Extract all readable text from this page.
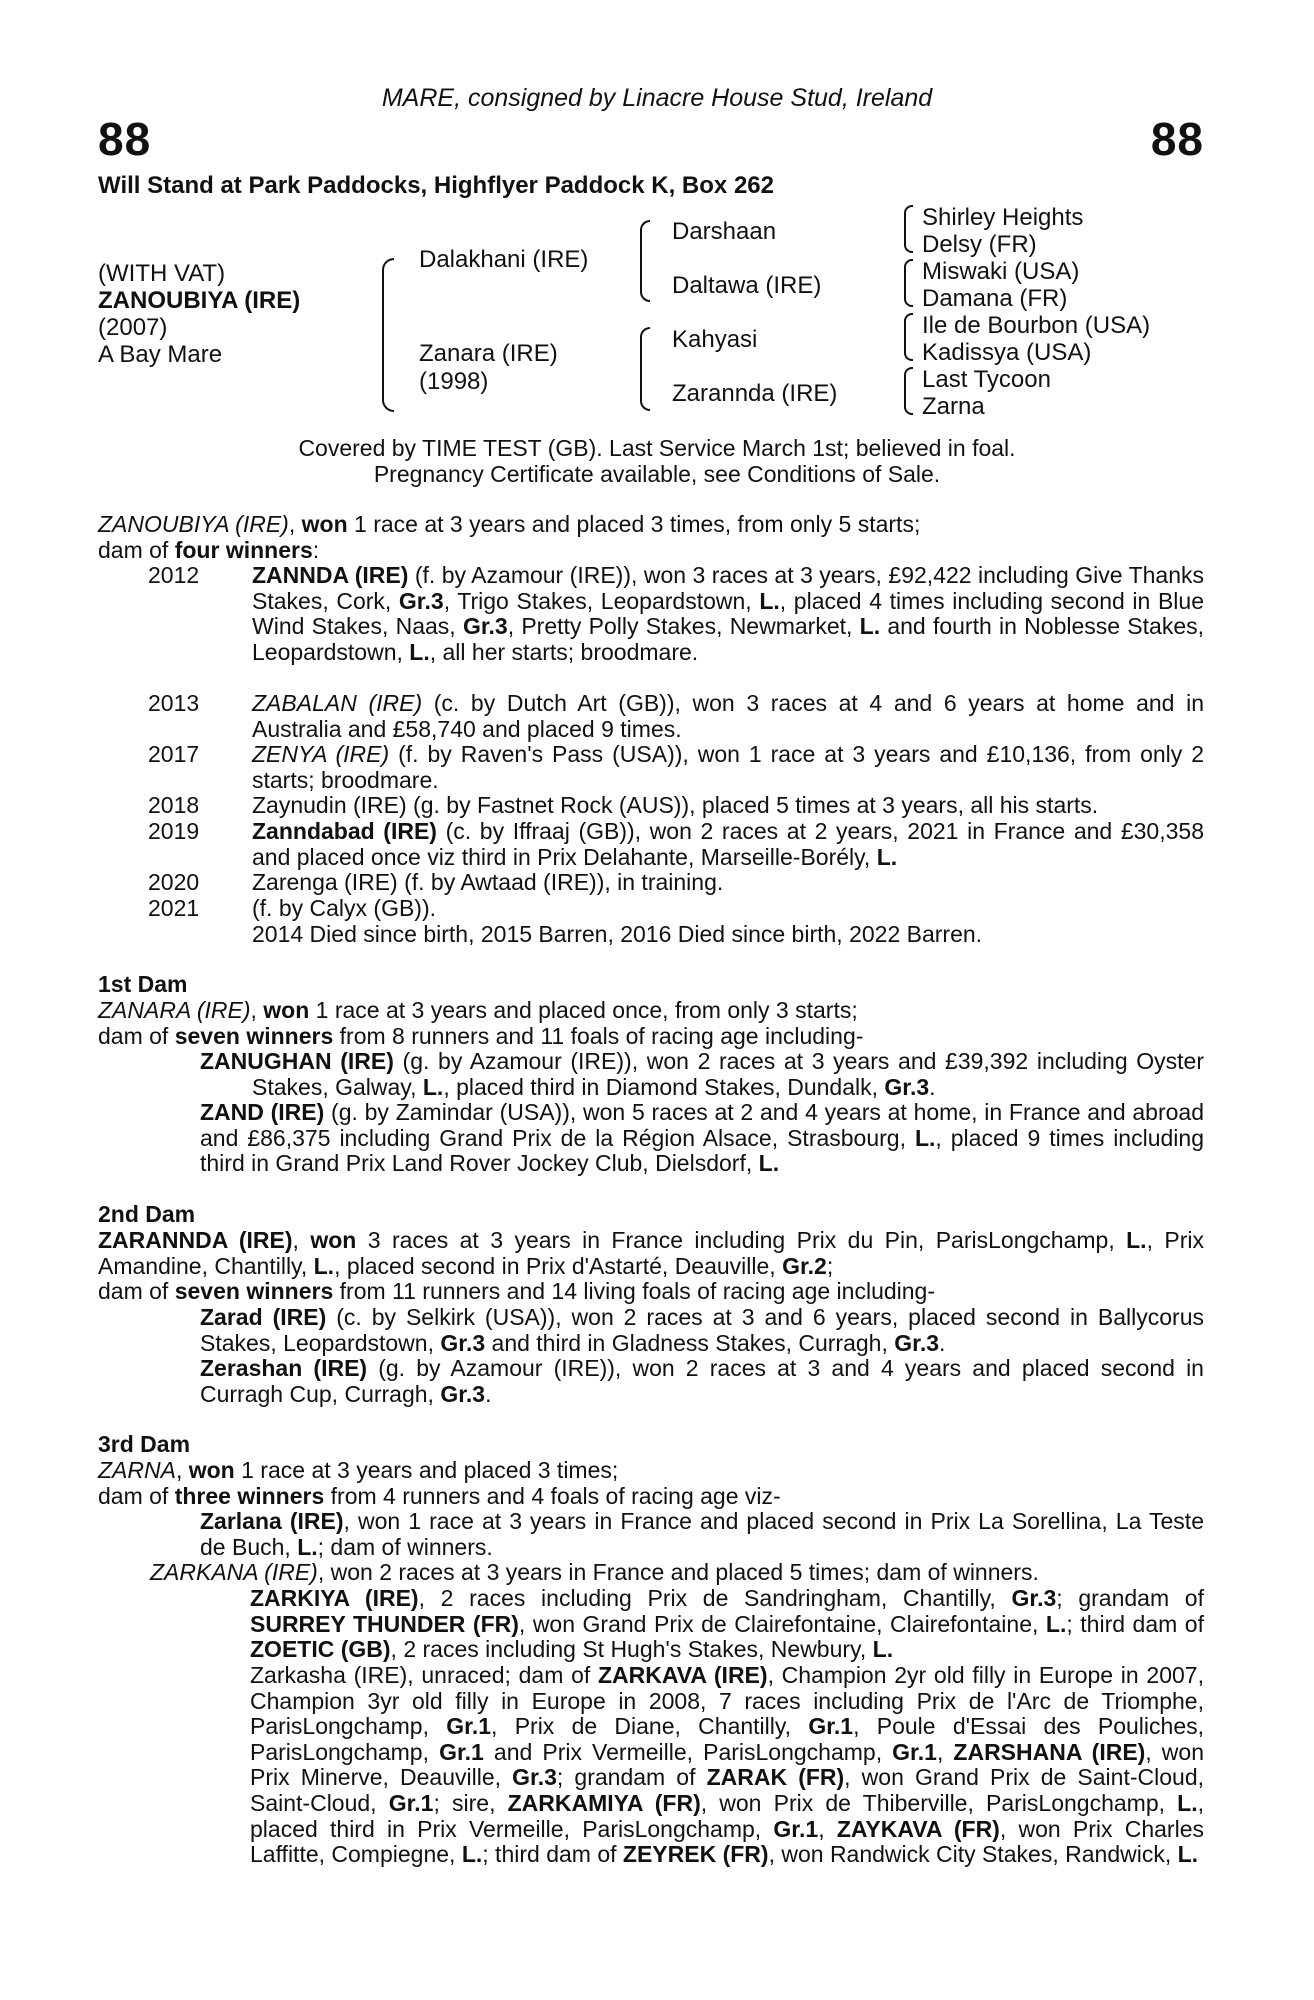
88	88
MARE, consigned by Linacre House Stud, Ireland
Will Stand at Park Paddocks, Highflyer Paddock K, Box 262
(WITH VAT)
ZANOUBIYA (IRE)
(2007)
A Bay Mare
Dalakhani (IRE)
Zanara (IRE)
(1998)
Darshaan
Daltawa (IRE)
Kahyasi
Zarannda (IRE)
Shirley Heights
Delsy (FR)
Miswaki (USA)
Damana (FR)
Ile de Bourbon (USA)
Kadissya (USA)
Last Tycoon
Zarna
Covered by TIME TEST (GB). Last Service March 1st; believed in foal.
Pregnancy Certificate available, see Conditions of Sale.
ZANOUBIYA (IRE), won 1 race at 3 years and placed 3 times, from only 5 starts;
dam of four winners:
2012 ZANNDA (IRE) (f. by Azamour (IRE)), won 3 races at 3 years, £92,422 including Give Thanks Stakes, Cork, Gr.3, Trigo Stakes, Leopardstown, L., placed 4 times including second in Blue Wind Stakes, Naas, Gr.3, Pretty Polly Stakes, Newmarket, L. and fourth in Noblesse Stakes, Leopardstown, L., all her starts; broodmare.
2013 ZABALAN (IRE) (c. by Dutch Art (GB)), won 3 races at 4 and 6 years at home and in Australia and £58,740 and placed 9 times.
2017 ZENYA (IRE) (f. by Raven's Pass (USA)), won 1 race at 3 years and £10,136, from only 2 starts; broodmare.
2018 Zaynudin (IRE) (g. by Fastnet Rock (AUS)), placed 5 times at 3 years, all his starts.
2019 Zanndabad (IRE) (c. by Iffraaj (GB)), won 2 races at 2 years, 2021 in France and £30,358 and placed once viz third in Prix Delahante, Marseille-Borély, L.
2020 Zarenga (IRE) (f. by Awtaad (IRE)), in training.
2021 (f. by Calyx (GB)).
2014 Died since birth, 2015 Barren, 2016 Died since birth, 2022 Barren.
1st Dam
ZANARA (IRE), won 1 race at 3 years and placed once, from only 3 starts;
dam of seven winners from 8 runners and 11 foals of racing age including-
ZANUGHAN (IRE) (g. by Azamour (IRE)), won 2 races at 3 years and £39,392 including Oyster Stakes, Galway, L., placed third in Diamond Stakes, Dundalk, Gr.3.
ZAND (IRE) (g. by Zamindar (USA)), won 5 races at 2 and 4 years at home, in France and abroad and £86,375 including Grand Prix de la Région Alsace, Strasbourg, L., placed 9 times including third in Grand Prix Land Rover Jockey Club, Dielsdorf, L.
2nd Dam
ZARANNDA (IRE), won 3 races at 3 years in France including Prix du Pin, ParisLongchamp, L., Prix Amandine, Chantilly, L., placed second in Prix d'Astarté, Deauville, Gr.2;
dam of seven winners from 11 runners and 14 living foals of racing age including-
Zarad (IRE) (c. by Selkirk (USA)), won 2 races at 3 and 6 years, placed second in Ballycorus Stakes, Leopardstown, Gr.3 and third in Gladness Stakes, Curragh, Gr.3.
Zerashan (IRE) (g. by Azamour (IRE)), won 2 races at 3 and 4 years and placed second in Curragh Cup, Curragh, Gr.3.
3rd Dam
ZARNA, won 1 race at 3 years and placed 3 times;
dam of three winners from 4 runners and 4 foals of racing age viz-
Zarlana (IRE), won 1 race at 3 years in France and placed second in Prix La Sorellina, La Teste de Buch, L.; dam of winners.
ZARKANA (IRE), won 2 races at 3 years in France and placed 5 times; dam of winners.
ZARKIYA (IRE), 2 races including Prix de Sandringham, Chantilly, Gr.3; grandam of SURREY THUNDER (FR), won Grand Prix de Clairefontaine, Clairefontaine, L.; third dam of ZOETIC (GB), 2 races including St Hugh's Stakes, Newbury, L.
Zarkasha (IRE), unraced; dam of ZARKAVA (IRE), Champion 2yr old filly in Europe in 2007, Champion 3yr old filly in Europe in 2008, 7 races including Prix de l'Arc de Triomphe, ParisLongchamp, Gr.1, Prix de Diane, Chantilly, Gr.1, Poule d'Essai des Pouliches, ParisLongchamp, Gr.1 and Prix Vermeille, ParisLongchamp, Gr.1, ZARSHANA (IRE), won Prix Minerve, Deauville, Gr.3; grandam of ZARAK (FR), won Grand Prix de Saint-Cloud, Saint-Cloud, Gr.1; sire, ZARKAMIYA (FR), won Prix de Thiberville, ParisLongchamp, L., placed third in Prix Vermeille, ParisLongchamp, Gr.1, ZAYKAVA (FR), won Prix Charles Laffitte, Compiegne, L.; third dam of ZEYREK (FR), won Randwick City Stakes, Randwick, L.
